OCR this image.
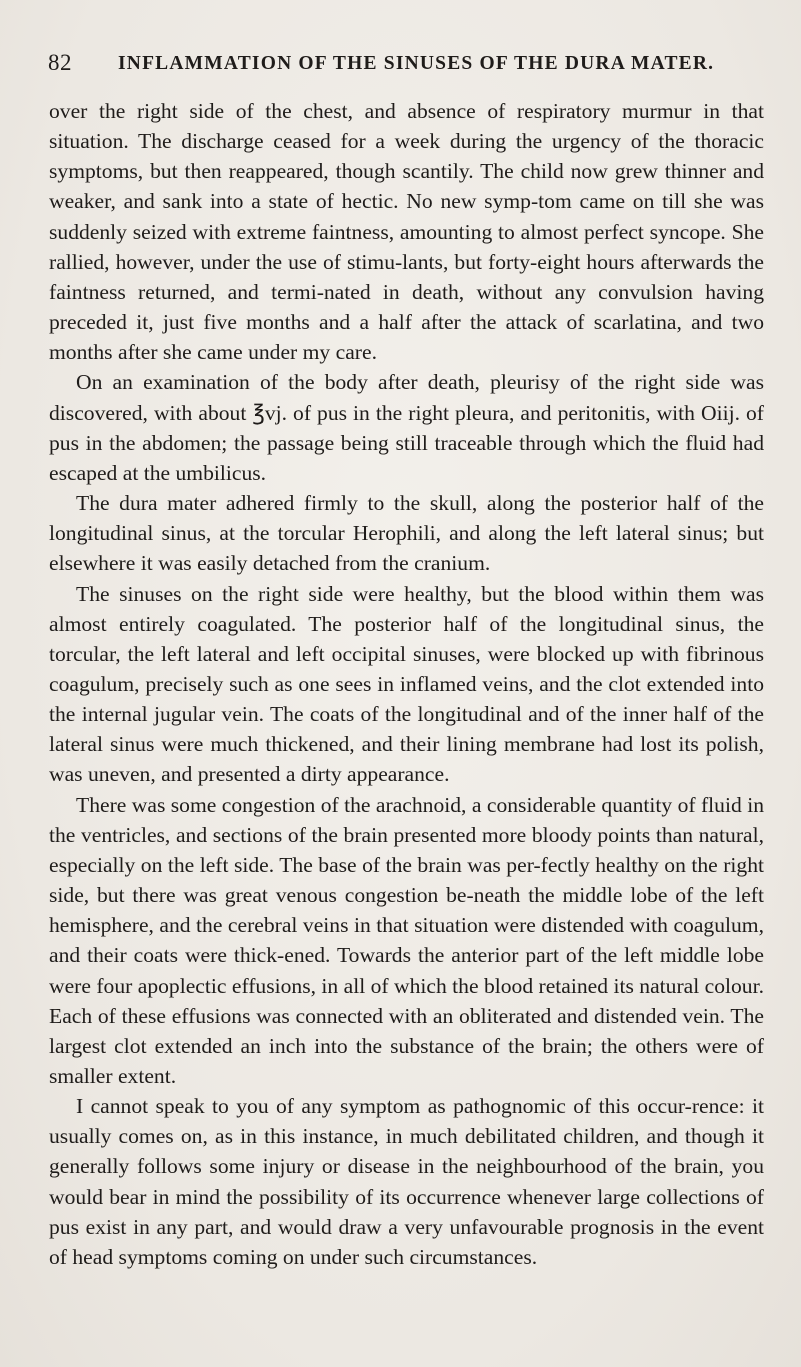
82 INFLAMMATION OF THE SINUSES OF THE DURA MATER.

over the right side of the chest, and absence of respiratory murmur in that situation. The discharge ceased for a week during the urgency of the thoracic symptoms, but then reappeared, though scantily. The child now grew thinner and weaker, and sank into a state of hectic. No new symp-tom came on till she was suddenly seized with extreme faintness, amounting to almost perfect syncope. She rallied, however, under the use of stimu-lants, but forty-eight hours afterwards the faintness returned, and termi-nated in death, without any convulsion having preceded it, just five months and a half after the attack of scarlatina, and two months after she came under my care.

On an examination of the body after death, pleurisy of the right side was discovered, with about ℥vj. of pus in the right pleura, and peritonitis, with Oiij. of pus in the abdomen; the passage being still traceable through which the fluid had escaped at the umbilicus.

The dura mater adhered firmly to the skull, along the posterior half of the longitudinal sinus, at the torcular Herophili, and along the left lateral sinus; but elsewhere it was easily detached from the cranium.

The sinuses on the right side were healthy, but the blood within them was almost entirely coagulated. The posterior half of the longitudinal sinus, the torcular, the left lateral and left occipital sinuses, were blocked up with fibrinous coagulum, precisely such as one sees in inflamed veins, and the clot extended into the internal jugular vein. The coats of the longitudinal and of the inner half of the lateral sinus were much thickened, and their lining membrane had lost its polish, was uneven, and presented a dirty appearance.

There was some congestion of the arachnoid, a considerable quantity of fluid in the ventricles, and sections of the brain presented more bloody points than natural, especially on the left side. The base of the brain was per-fectly healthy on the right side, but there was great venous congestion be-neath the middle lobe of the left hemisphere, and the cerebral veins in that situation were distended with coagulum, and their coats were thick-ened. Towards the anterior part of the left middle lobe were four apoplectic effusions, in all of which the blood retained its natural colour. Each of these effusions was connected with an obliterated and distended vein. The largest clot extended an inch into the substance of the brain; the others were of smaller extent.

I cannot speak to you of any symptom as pathognomic of this occur-rence: it usually comes on, as in this instance, in much debilitated children, and though it generally follows some injury or disease in the neighbourhood of the brain, you would bear in mind the possibility of its occurrence whenever large collections of pus exist in any part, and would draw a very unfavourable prognosis in the event of head symptoms coming on under such circumstances.
